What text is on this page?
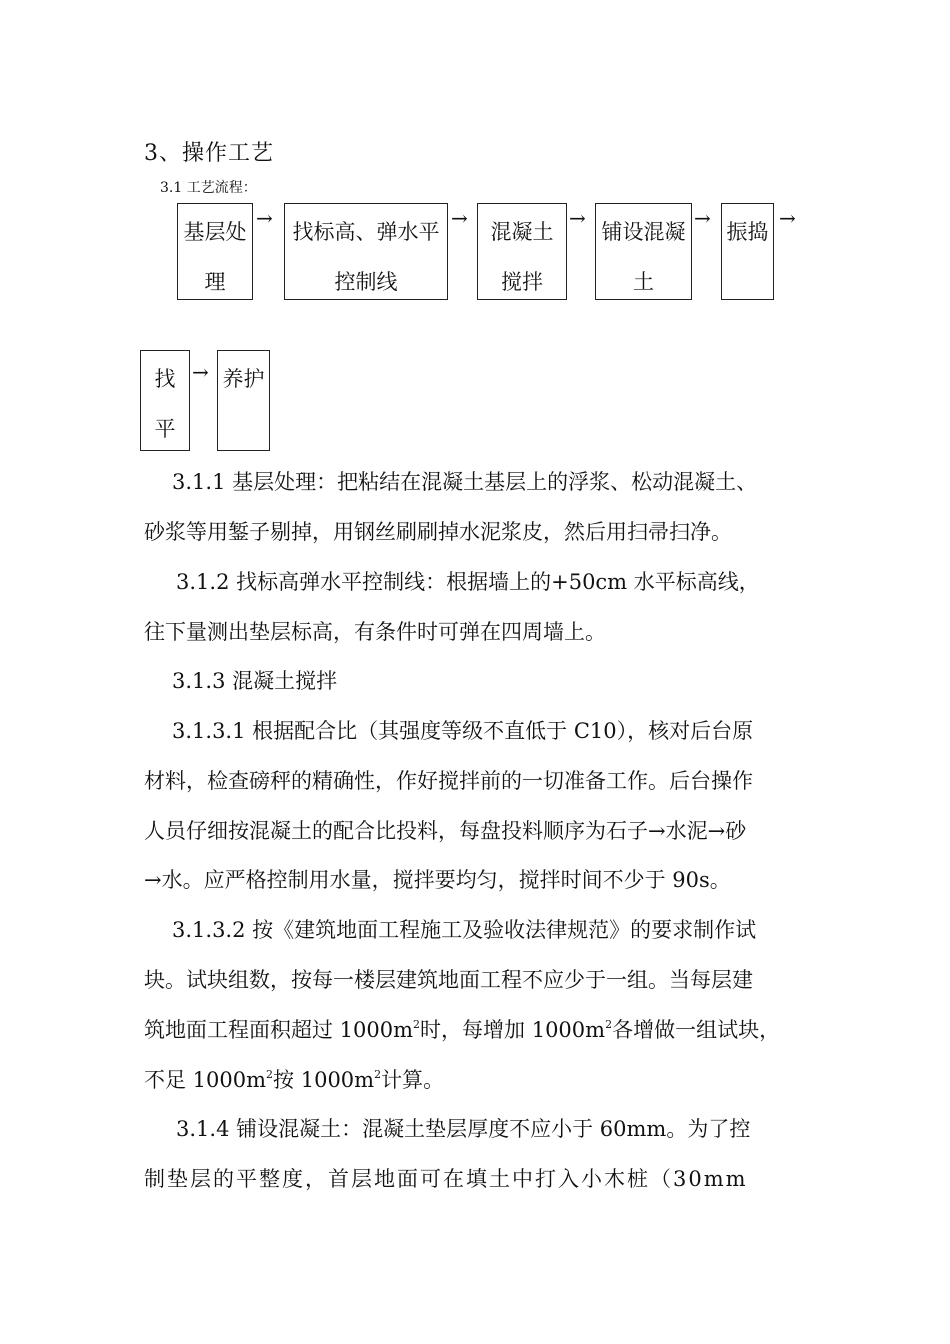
3、操作工艺
3.1 工艺流程：
基层处
理
→
找标高、弹水平
控制线
→
混凝土
搅拌
→
铺设混凝
土
→
振捣
→
找
平
→ 养护
3.1.1 基层处理：把粘结在混凝土基层上的浮浆、松动混凝土、
砂浆等用錾子剔掉，用钢丝刷刷掉水泥浆皮，然后用扫帚扫净。
3.1.2 找标高弹水平控制线：根据墙上的+50cm 水平标高线，
往下量测出垫层标高，有条件时可弹在四周墙上。
3.1.3 混凝土搅拌
3.1.3.1 根据配合比（其强度等级不直低于 C10），核对后台原
材料，检查磅秤的精确性，作好搅拌前的一切准备工作。后台操作
人员仔细按混凝土的配合比投料，每盘投料顺序为石子→水泥→砂
→水。应严格控制用水量，搅拌要均匀，搅拌时间不少于 90s。
3.1.3.2 按《建筑地面工程施工及验收法律规范》的要求制作试
块。试块组数，按每一楼层建筑地面工程不应少于一组。当每层建
筑地面工程面积超过 $1000m^2$时，每增加 $1000m^2$各增做一组试块，
不足 $1000m^2$按 $1000m^2$计算。
3.1.4 铺设混凝土：混凝土垫层厚度不应小于 60mm。为了控
制垫层的平整度，首层地面可在填土中打入小木桩（30mm
